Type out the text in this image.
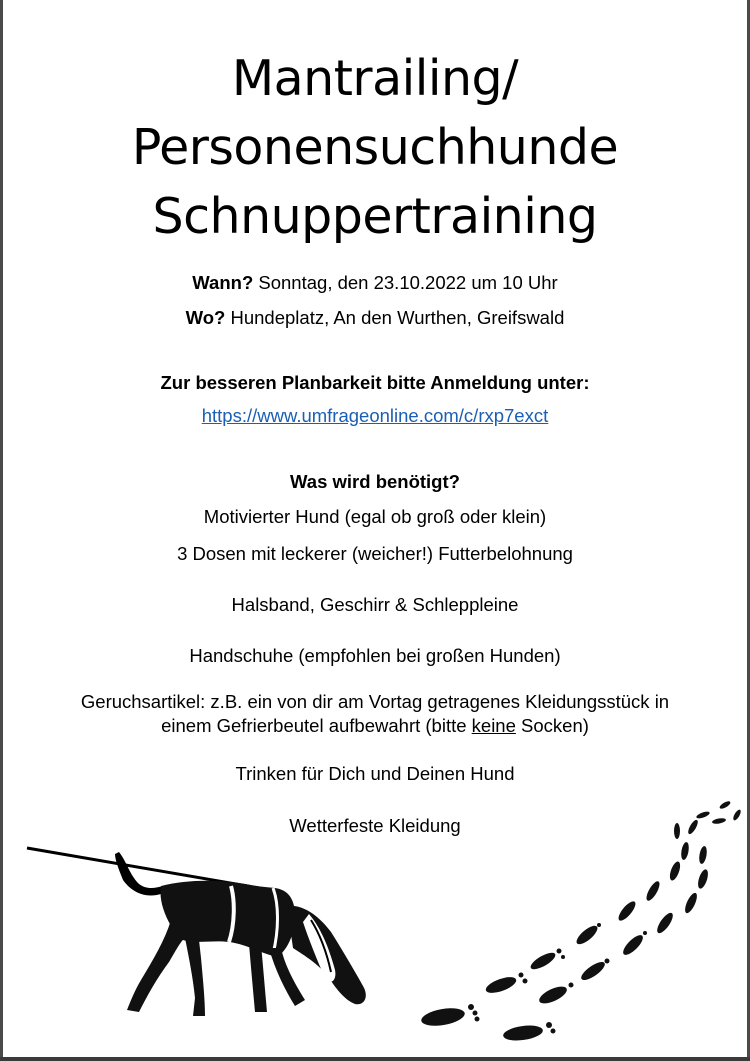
Mantrailing/
Personensuchhunde
Schnuppertraining
Wann? Sonntag, den 23.10.2022 um 10 Uhr
Wo? Hundeplatz, An den Wurthen, Greifswald
Zur besseren Planbarkeit bitte Anmeldung unter:
https://www.umfrageonline.com/c/rxp7exct
Was wird benötigt?
Motivierter Hund (egal ob groß oder klein)
3 Dosen mit leckerer (weicher!) Futterbelohnung
Halsband, Geschirr & Schleppleine
Handschuhe (empfohlen bei großen Hunden)
Geruchsartikel: z.B. ein von dir am Vortag getragenes Kleidungsstück in
einem Gefrierbeutel aufbewahrt (bitte keine Socken)
Trinken für Dich und Deinen Hund
Wetterfeste Kleidung
